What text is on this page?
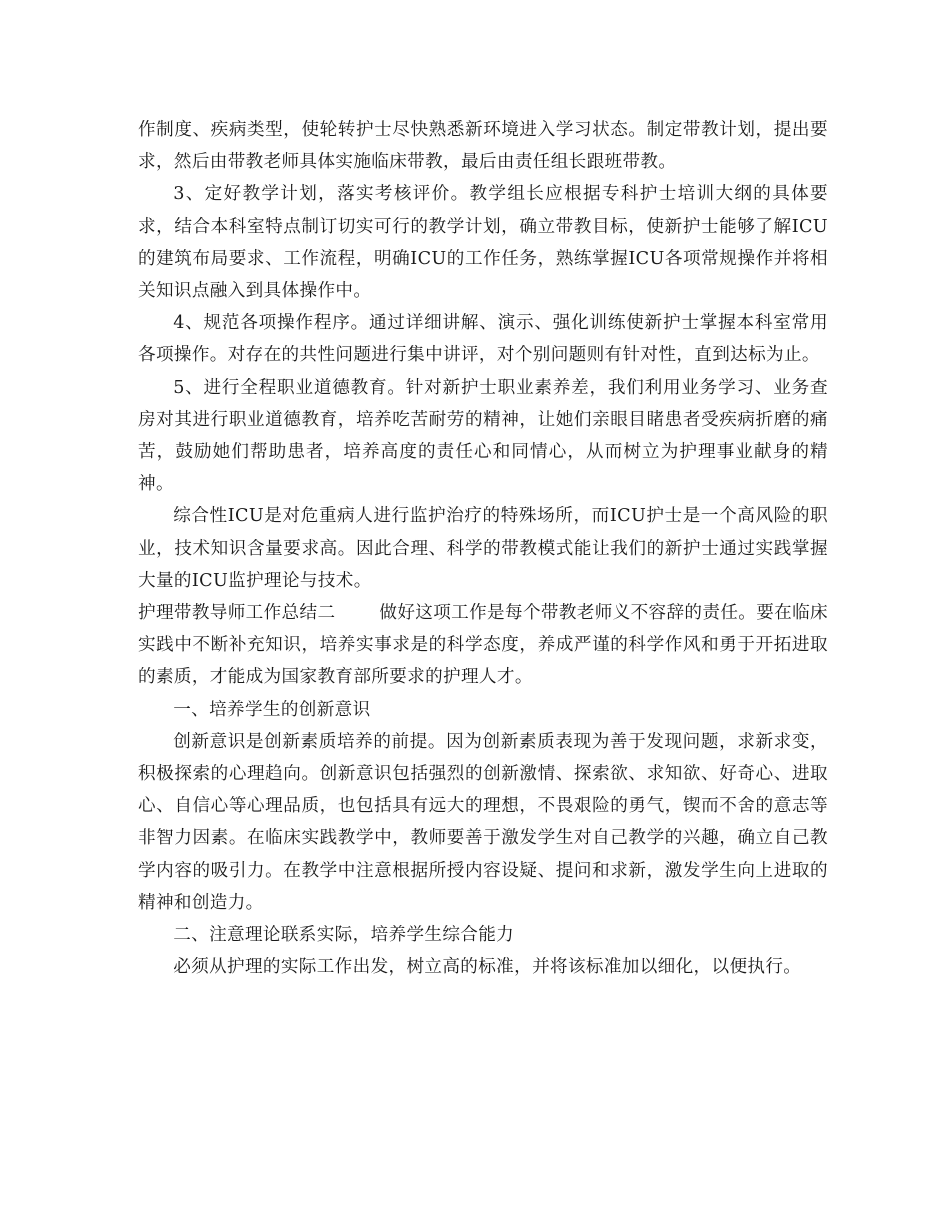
作制度、疾病类型，使轮转护士尽快熟悉新环境进入学习状态。制定带教计划，提出要求，然后由带教老师具体实施临床带教，最后由责任组长跟班带教。

3、定好教学计划，落实考核评价。教学组长应根据专科护士培训大纲的具体要求，结合本科室特点制订切实可行的教学计划，确立带教目标，使新护士能够了解ICU的建筑布局要求、工作流程，明确ICU的工作任务，熟练掌握ICU各项常规操作并将相关知识点融入到具体操作中。

4、规范各项操作程序。通过详细讲解、演示、强化训练使新护士掌握本科室常用各项操作。对存在的共性问题进行集中讲评，对个别问题则有针对性，直到达标为止。

5、进行全程职业道德教育。针对新护士职业素养差，我们利用业务学习、业务查房对其进行职业道德教育，培养吃苦耐劳的精神，让她们亲眼目睹患者受疾病折磨的痛苦，鼓励她们帮助患者，培养高度的责任心和同情心，从而树立为护理事业献身的精神。

综合性ICU是对危重病人进行监护治疗的特殊场所，而ICU护士是一个高风险的职业，技术知识含量要求高。因此合理、科学的带教模式能让我们的新护士通过实践掌握大量的ICU监护理论与技术。

护理带教导师工作总结二	做好这项工作是每个带教老师义不容辞的责任。要在临床实践中不断补充知识，培养实事求是的科学态度，养成严谨的科学作风和勇于开拓进取的素质，才能成为国家教育部所要求的护理人才。

一、培养学生的创新意识

创新意识是创新素质培养的前提。因为创新素质表现为善于发现问题，求新求变，积极探索的心理趋向。创新意识包括强烈的创新激情、探索欲、求知欲、好奇心、进取心、自信心等心理品质，也包括具有远大的理想，不畏艰险的勇气，锲而不舍的意志等非智力因素。在临床实践教学中，教师要善于激发学生对自己教学的兴趣，确立自己教学内容的吸引力。在教学中注意根据所授内容设疑、提问和求新，激发学生向上进取的精神和创造力。

二、注意理论联系实际，培养学生综合能力

必须从护理的实际工作出发，树立高的标准，并将该标准加以细化，以便执行。
